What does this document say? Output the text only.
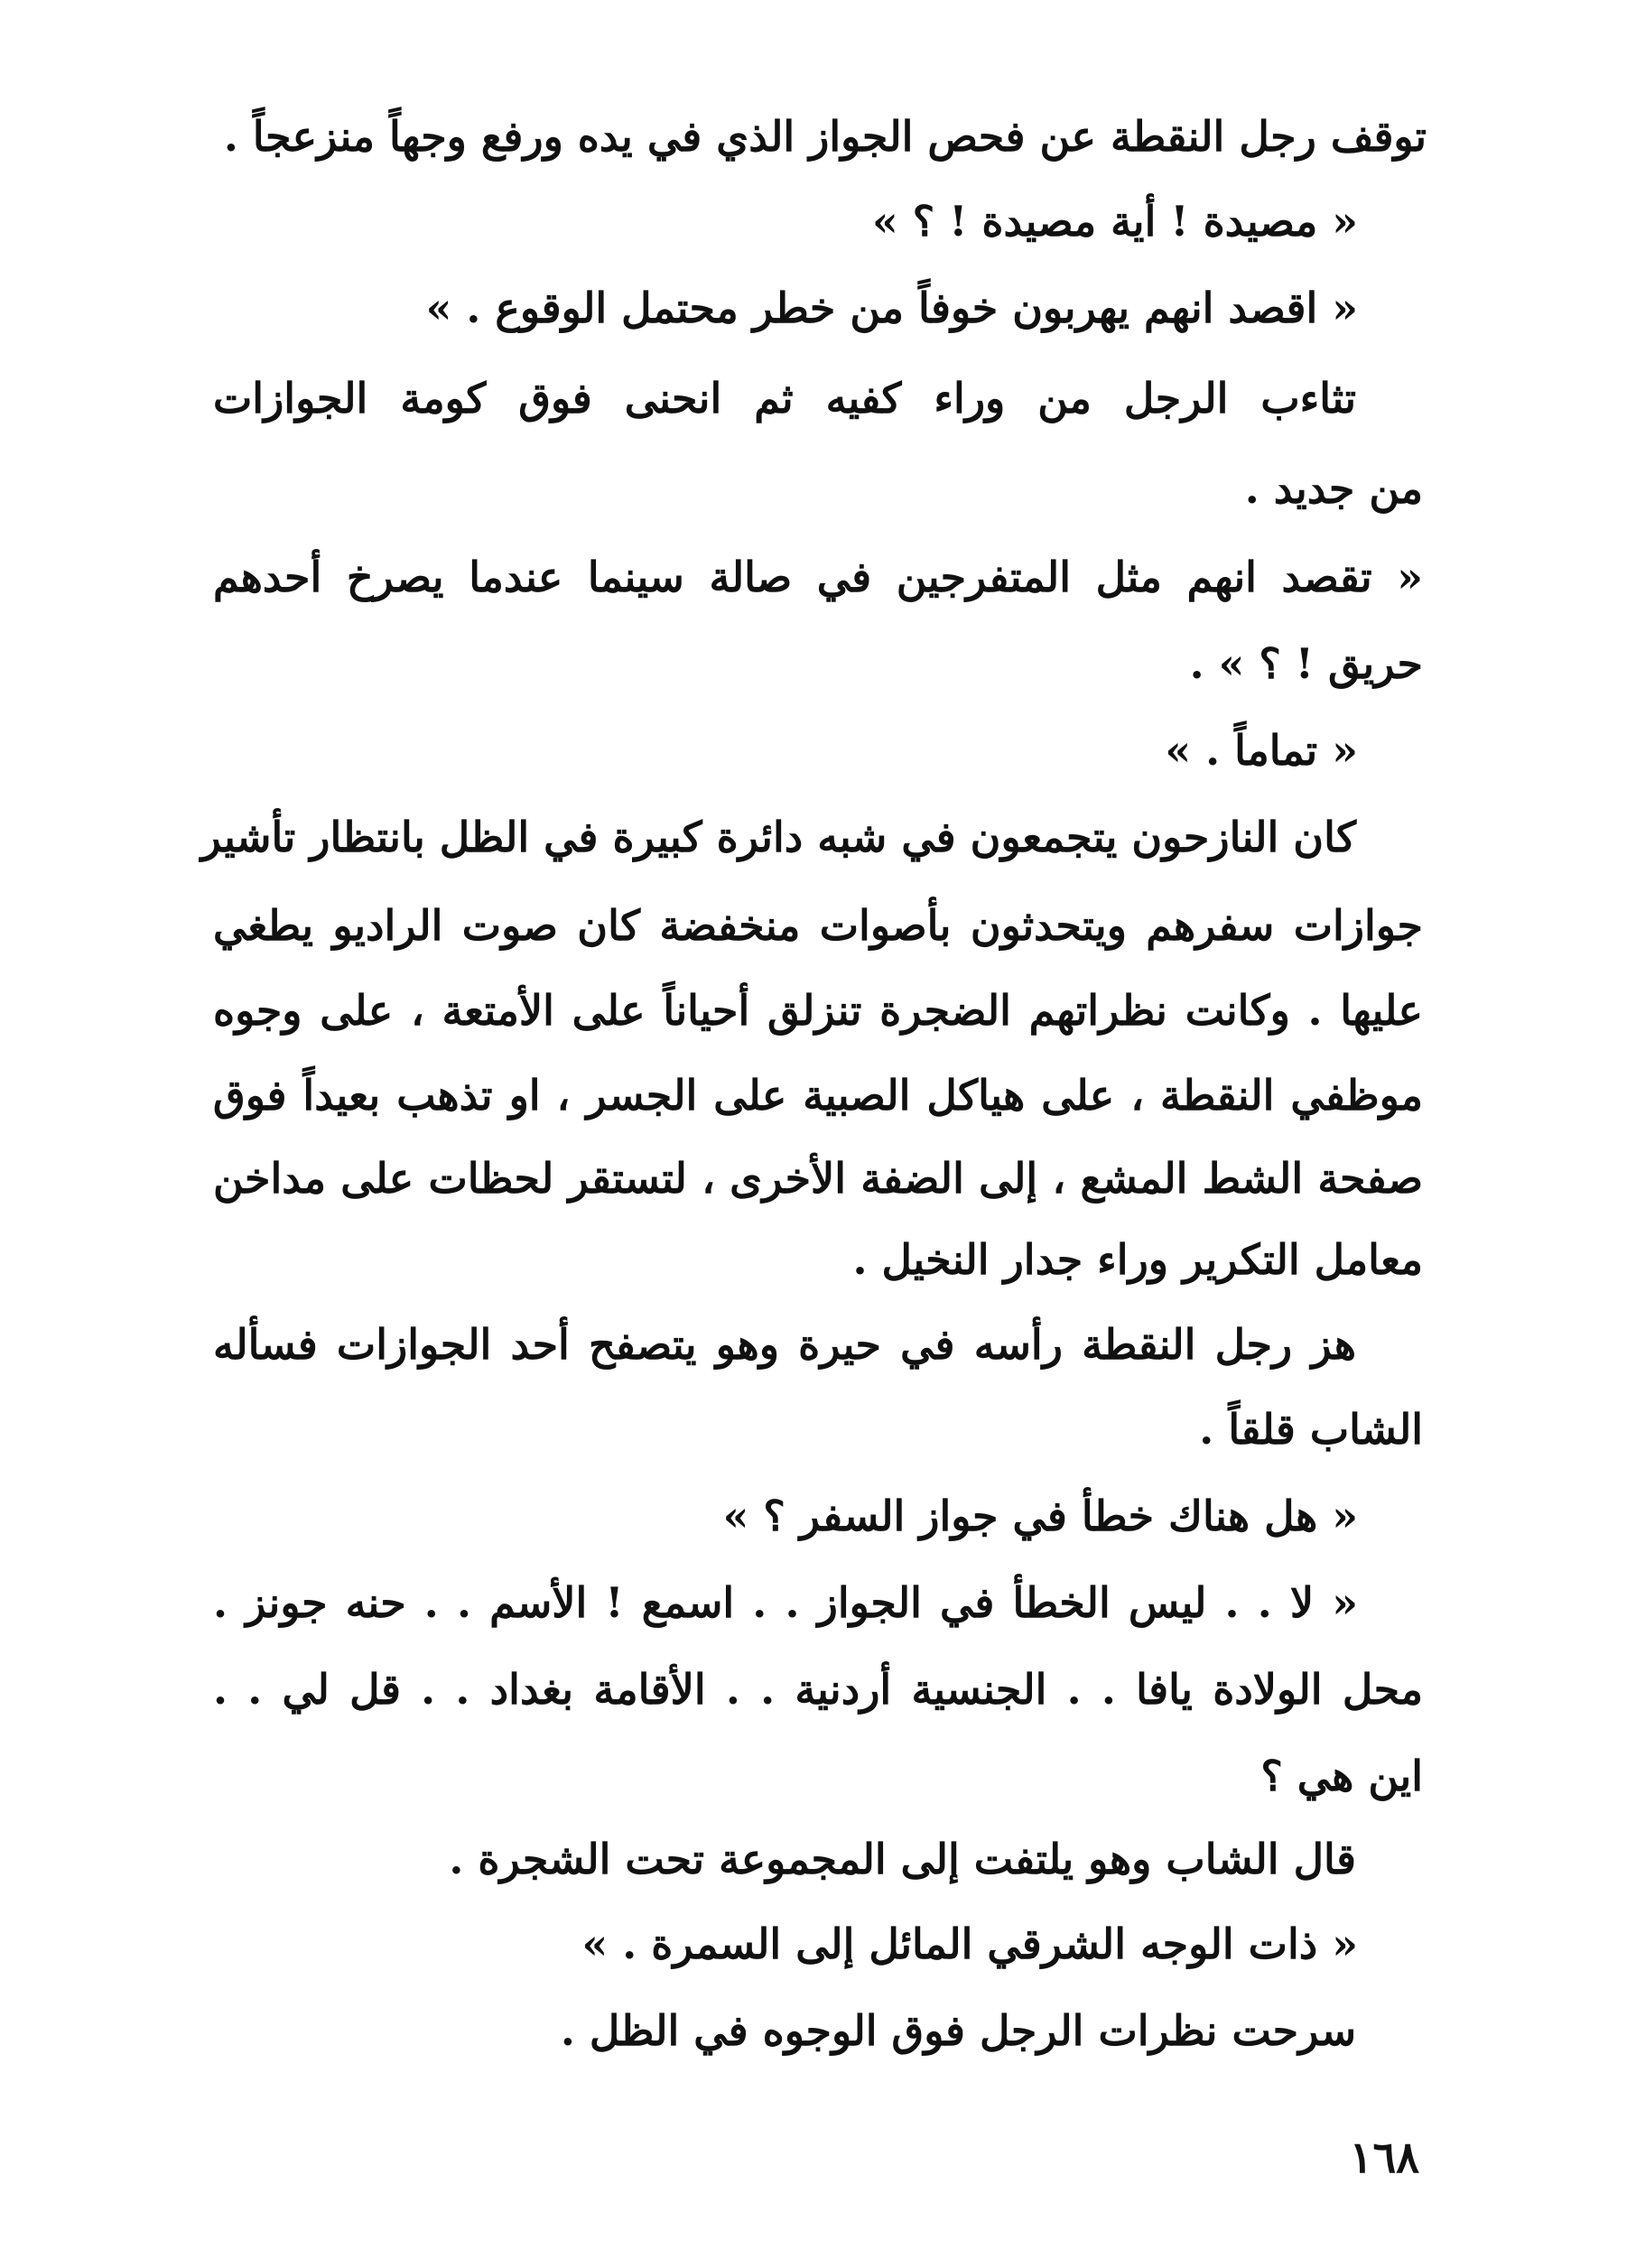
توقف رجل النقطة عن فحص الجواز الذي في يده ورفع وجهاً منزعجاً .
« مصيدة ! أية مصيدة ! ؟ »
« اقصد انهم يهربون خوفاً من خطر محتمل الوقوع . »
تثاءب الرجل من وراء كفيه ثم انحنى فوق كومة الجوازات
من جديد .
« تقصد انهم مثل المتفرجين في صالة سينما عندما يصرخ أحدهم
حريق ! ؟ » .
« تماماً . »
كان النازحون يتجمعون في شبه دائرة كبيرة في الظل بانتظار تأشير
جوازات سفرهم ويتحدثون بأصوات منخفضة كان صوت الراديو يطغي
عليها . وكانت نظراتهم الضجرة تنزلق أحياناً على الأمتعة ، على وجوه
موظفي النقطة ، على هياكل الصبية على الجسر ، او تذهب بعيداً فوق
صفحة الشط المشع ، إلى الضفة الأخرى ، لتستقر لحظات على مداخن
معامل التكرير وراء جدار النخيل .
هز رجل النقطة رأسه في حيرة وهو يتصفح أحد الجوازات فسأله
الشاب قلقاً .
« هل هناك خطأ في جواز السفر ؟ »
« لا . . ليس الخطأ في الجواز . . اسمع ! الأسم . . حنه جونز .
محل الولادة يافا . . الجنسية أردنية . . الأقامة بغداد . . قل لي . .
اين هي ؟
قال الشاب وهو يلتفت إلى المجموعة تحت الشجرة .
« ذات الوجه الشرقي المائل إلى السمرة . »
سرحت نظرات الرجل فوق الوجوه في الظل .
١٦٨
